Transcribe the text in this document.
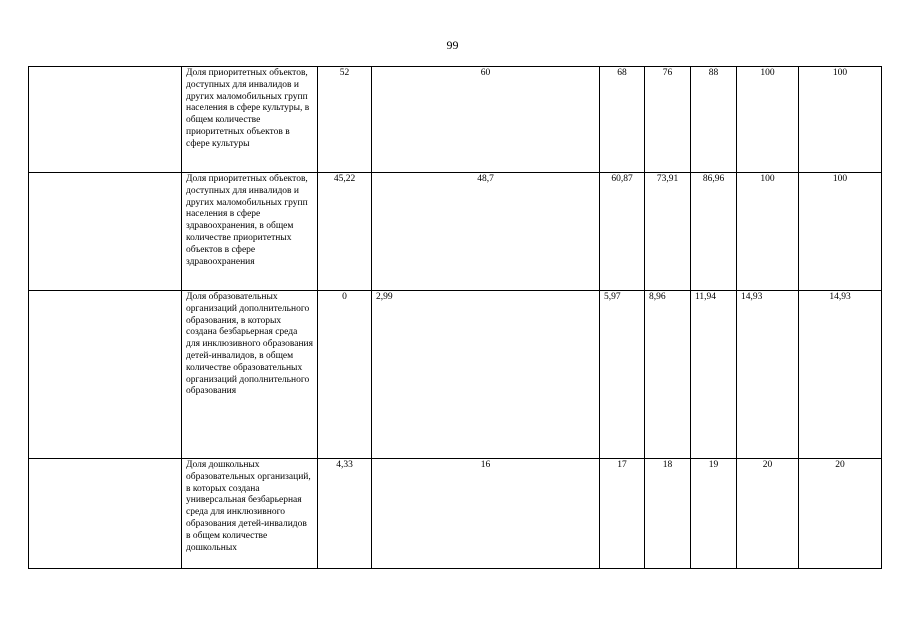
99
	Доля приоритетных объектов, доступных для инвалидов и других маломобильных групп населения в сфере культуры, в общем количестве приоритетных объектов в сфере культуры	52	60	68	76	88	100	100
	Доля приоритетных объектов, доступных для инвалидов и других маломобильных групп населения в сфере здравоохранения, в общем количестве приоритетных объектов в сфере здравоохранения	45,22	48,7	60,87	73,91	86,96	100	100
	Доля образовательных организаций дополнительного образования, в которых создана безбарьерная среда для инклюзивного образования детей-инвалидов, в общем количестве образовательных организаций дополнительного образования	0	2,99	5,97	8,96	11,94	14,93	14,93
	Доля дошкольных образовательных организаций, в которых создана универсальная безбарьерная среда для инклюзивного образования детей-инвалидов в общем количестве дошкольных	4,33	16	17	18	19	20	20
